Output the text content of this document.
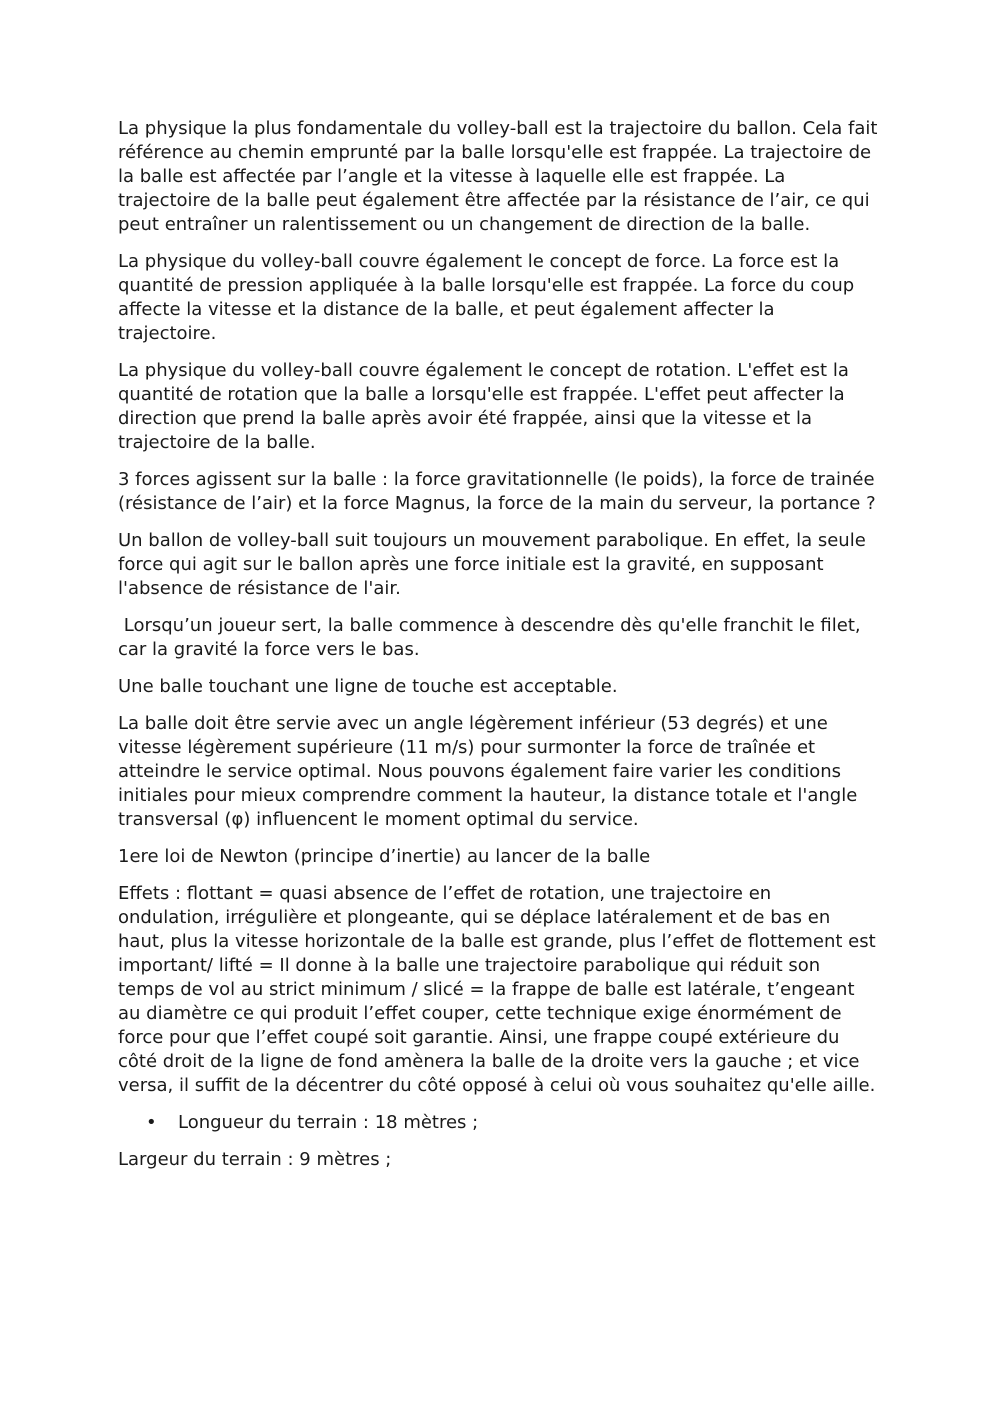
La physique la plus fondamentale du volley-ball est la trajectoire du ballon. Cela fait référence au chemin emprunté par la balle lorsqu'elle est frappée. La trajectoire de la balle est affectée par l’angle et la vitesse à laquelle elle est frappée. La trajectoire de la balle peut également être affectée par la résistance de l’air, ce qui peut entraîner un ralentissement ou un changement de direction de la balle.

La physique du volley-ball couvre également le concept de force. La force est la quantité de pression appliquée à la balle lorsqu'elle est frappée. La force du coup affecte la vitesse et la distance de la balle, et peut également affecter la trajectoire.

La physique du volley-ball couvre également le concept de rotation. L'effet est la quantité de rotation que la balle a lorsqu'elle est frappée. L'effet peut affecter la direction que prend la balle après avoir été frappée, ainsi que la vitesse et la trajectoire de la balle.

3 forces agissent sur la balle : la force gravitationnelle (le poids), la force de trainée (résistance de l’air) et la force Magnus, la force de la main du serveur, la portance ?

Un ballon de volley-ball suit toujours un mouvement parabolique. En effet, la seule force qui agit sur le ballon après une force initiale est la gravité, en supposant l'absence de résistance de l'air.

Lorsqu’un joueur sert, la balle commence à descendre dès qu'elle franchit le filet, car la gravité la force vers le bas.

Une balle touchant une ligne de touche est acceptable.

La balle doit être servie avec un angle légèrement inférieur (53 degrés) et une vitesse légèrement supérieure (11 m/s) pour surmonter la force de traînée et atteindre le service optimal. Nous pouvons également faire varier les conditions initiales pour mieux comprendre comment la hauteur, la distance totale et l'angle transversal (φ) influencent le moment optimal du service.

1ere loi de Newton (principe d’inertie) au lancer de la balle

Effets : flottant = quasi absence de l’effet de rotation, une trajectoire en ondulation, irrégulière et plongeante, qui se déplace latéralement et de bas en haut, plus la vitesse horizontale de la balle est grande, plus l’effet de flottement est important/ lifté = Il donne à la balle une trajectoire parabolique qui réduit son temps de vol au strict minimum / slicé = la frappe de balle est latérale, t’engeant au diamètre ce qui produit l’effet couper, cette technique exige énormément de force pour que l’effet coupé soit garantie. Ainsi, une frappe coupé extérieure du côté droit de la ligne de fond amènera la balle de la droite vers la gauche ; et vice versa, il suffit de la décentrer du côté opposé à celui où vous souhaitez qu'elle aille.

•	Longueur du terrain : 18 mètres ;

Largeur du terrain : 9 mètres ;
